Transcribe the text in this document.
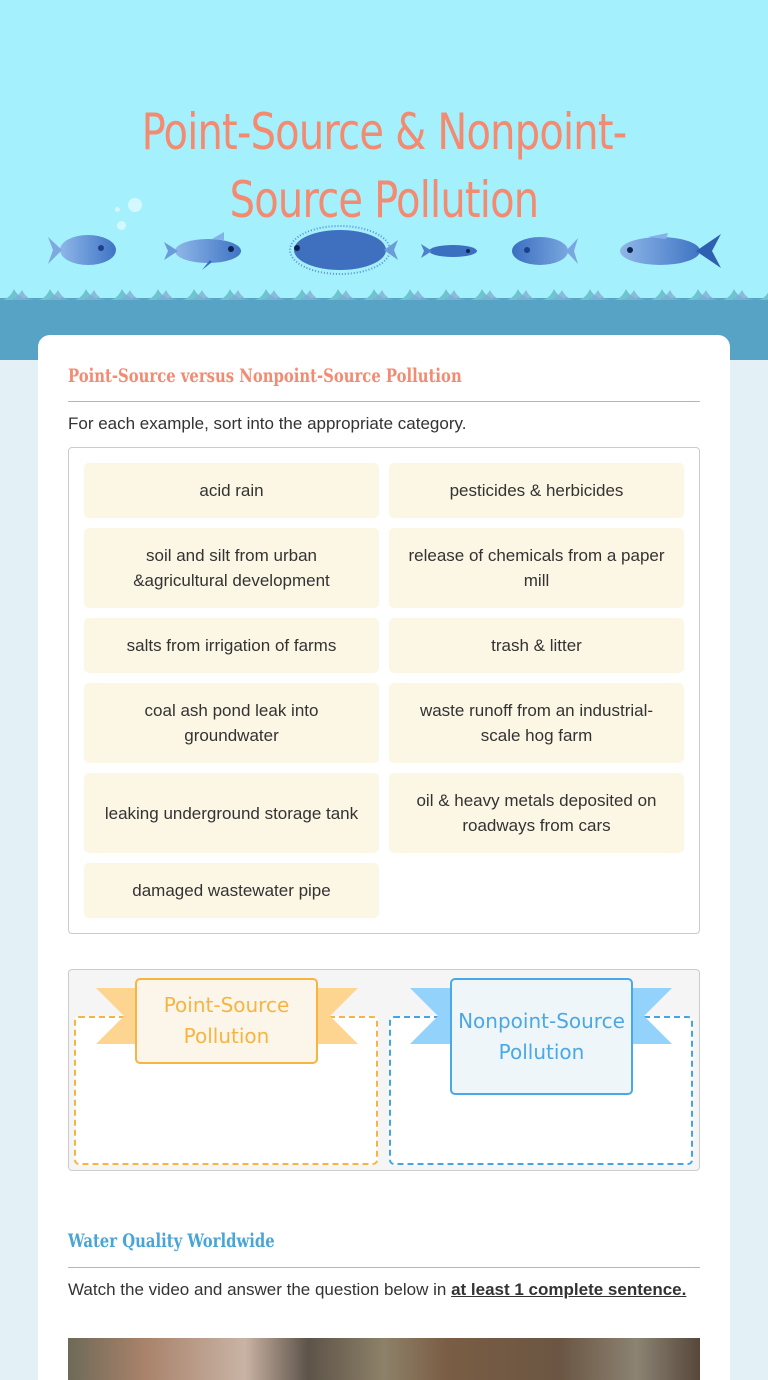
Point-Source & Nonpoint-Source Pollution
Point-Source versus Nonpoint-Source Pollution

For each example, sort into the appropriate category.

acid rain	pesticides & herbicides
soil and silt from urban &agricultural development
release of chemicals from a paper mill
salts from irrigation of farms	trash & litter
coal ash pond leak into groundwater
waste runoff from an industrial-scale hog farm
leaking underground storage tank
oil & heavy metals deposited on roadways from cars
damaged wastewater pipe
Point-Source Pollution
Nonpoint-Source Pollution
Water Quality Worldwide

Watch the video and answer the question below in at least 1 complete sentence.
